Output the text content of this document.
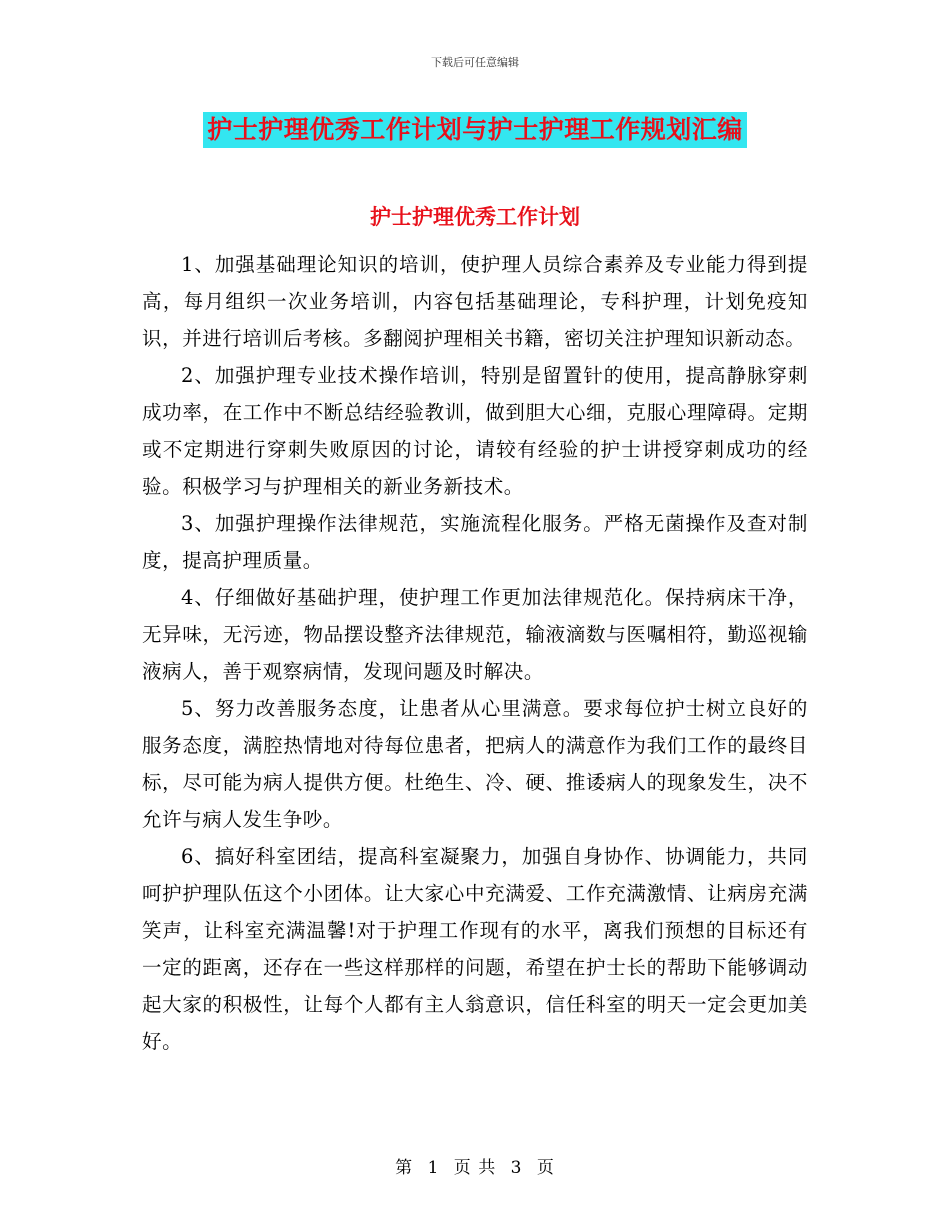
下载后可任意编辑
护士护理优秀工作计划与护士护理工作规划汇编
护士护理优秀工作计划

1、加强基础理论知识的培训，使护理人员综合素养及专业能力得到提高，每月组织一次业务培训，内容包括基础理论，专科护理，计划免疫知识，并进行培训后考核。多翻阅护理相关书籍，密切关注护理知识新动态。

2、加强护理专业技术操作培训，特别是留置针的使用，提高静脉穿刺成功率，在工作中不断总结经验教训，做到胆大心细，克服心理障碍。定期或不定期进行穿刺失败原因的讨论，请较有经验的护士讲授穿刺成功的经验。积极学习与护理相关的新业务新技术。

3、加强护理操作法律规范，实施流程化服务。严格无菌操作及查对制度，提高护理质量。

4、仔细做好基础护理，使护理工作更加法律规范化。保持病床干净，无异味，无污迹，物品摆设整齐法律规范，输液滴数与医嘱相符，勤巡视输液病人，善于观察病情，发现问题及时解决。

5、努力改善服务态度，让患者从心里满意。要求每位护士树立良好的服务态度，满腔热情地对待每位患者，把病人的满意作为我们工作的最终目标，尽可能为病人提供方便。杜绝生、冷、硬、推诿病人的现象发生，决不允许与病人发生争吵。

6、搞好科室团结，提高科室凝聚力，加强自身协作、协调能力，共同呵护护理队伍这个小团体。让大家心中充满爱、工作充满激情、让病房充满笑声，让科室充满温馨!对于护理工作现有的水平，离我们预想的目标还有一定的距离，还存在一些这样那样的问题，希望在护士长的帮助下能够调动起大家的积极性，让每个人都有主人翁意识，信任科室的明天一定会更加美好。

第 1 页 共 3 页
